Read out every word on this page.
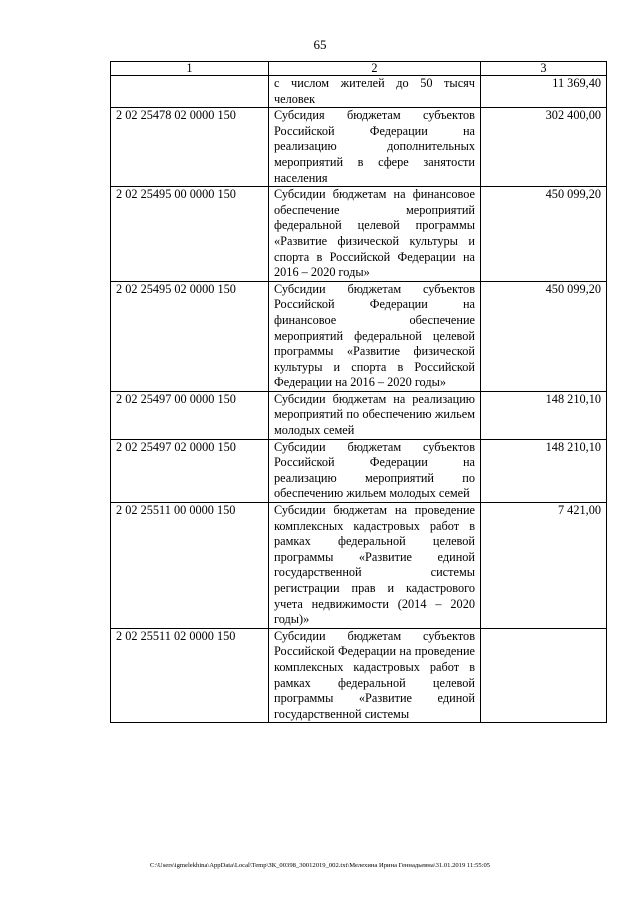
65
1	2	3
	с числом жителей до 50 тысяч человек	11 369,40
2 02 25478 02 0000 150	Субсидия бюджетам субъектов Российской Федерации на реализацию дополнительных мероприятий в сфере занятости населения	302 400,00
2 02 25495 00 0000 150	Субсидии бюджетам на финансовое обеспечение мероприятий федеральной целевой программы «Развитие физической культуры и спорта в Российской Федерации на 2016 – 2020 годы»	450 099,20
2 02 25495 02 0000 150	Субсидии бюджетам субъектов Российской Федерации на финансовое обеспечение мероприятий федеральной целевой программы «Развитие физической культуры и спорта в Российской Федерации на 2016 – 2020 годы»	450 099,20
2 02 25497 00 0000 150	Субсидии бюджетам на реализацию мероприятий по обеспечению жильем молодых семей	148 210,10
2 02 25497 02 0000 150	Субсидии бюджетам субъектов Российской Федерации на реализацию мероприятий по обеспечению жильем молодых семей	148 210,10
2 02 25511 00 0000 150	Субсидии бюджетам на проведение комплексных кадастровых работ в рамках федеральной целевой программы «Развитие единой государственной системы регистрации прав и кадастрового учета недвижимости (2014 – 2020 годы)»	7 421,00
2 02 25511 02 0000 150	Субсидии бюджетам субъектов Российской Федерации на проведение комплексных кадастровых работ в рамках федеральной целевой программы «Развитие единой государственной системы	
C:\Users\igmelekhina\AppData\Local\Temp\ЗК_00398_30012019_002.txt\Мелехина Ирина Геннадьевна\31.01.2019 11:55:05
